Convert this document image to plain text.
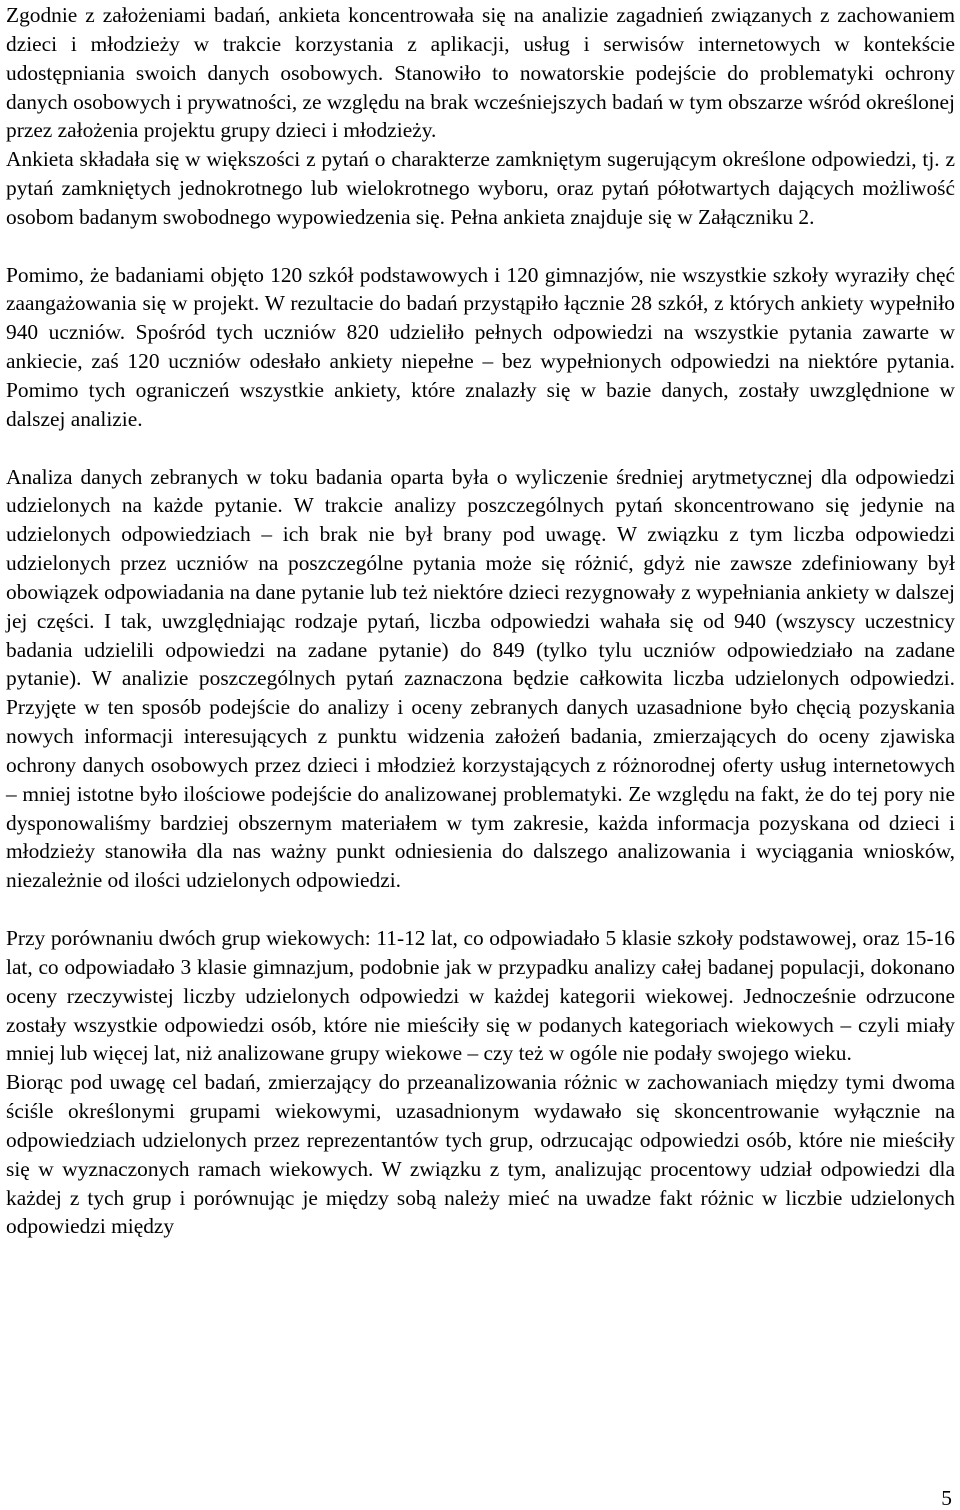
Zgodnie z założeniami badań, ankieta koncentrowała się na analizie zagadnień związanych z zachowaniem dzieci i młodzieży w trakcie korzystania z aplikacji, usług i serwisów internetowych w kontekście udostępniania swoich danych osobowych. Stanowiło to nowatorskie podejście do problematyki ochrony danych osobowych i prywatności, ze względu na brak wcześniejszych badań w tym obszarze wśród określonej przez założenia projektu grupy dzieci i młodzieży.

Ankieta składała się w większości z pytań o charakterze zamkniętym sugerującym określone odpowiedzi, tj. z pytań zamkniętych jednokrotnego lub wielokrotnego wyboru, oraz pytań półotwartych dających możliwość osobom badanym swobodnego wypowiedzenia się. Pełna ankieta znajduje się w Załączniku 2.

Pomimo, że badaniami objęto 120 szkół podstawowych i 120 gimnazjów, nie wszystkie szkoły wyraziły chęć zaangażowania się w projekt. W rezultacie do badań przystąpiło łącznie 28 szkół, z których ankiety wypełniło 940 uczniów. Spośród tych uczniów 820 udzieliło pełnych odpowiedzi na wszystkie pytania zawarte w ankiecie, zaś 120 uczniów odesłało ankiety niepełne – bez wypełnionych odpowiedzi na niektóre pytania. Pomimo tych ograniczeń wszystkie ankiety, które znalazły się w bazie danych, zostały uwzględnione w dalszej analizie.

Analiza danych zebranych w toku badania oparta była o wyliczenie średniej arytmetycznej dla odpowiedzi udzielonych na każde pytanie. W trakcie analizy poszczególnych pytań skoncentrowano się jedynie na udzielonych odpowiedziach – ich brak nie był brany pod uwagę. W związku z tym liczba odpowiedzi udzielonych przez uczniów na poszczególne pytania może się różnić, gdyż nie zawsze zdefiniowany był obowiązek odpowiadania na dane pytanie lub też niektóre dzieci rezygnowały z wypełniania ankiety w dalszej jej części. I tak, uwzględniając rodzaje pytań, liczba odpowiedzi wahała się od 940 (wszyscy uczestnicy badania udzielili odpowiedzi na zadane pytanie) do 849 (tylko tylu uczniów odpowiedziało na zadane pytanie). W analizie poszczególnych pytań zaznaczona będzie całkowita liczba udzielonych odpowiedzi. Przyjęte w ten sposób podejście do analizy i oceny zebranych danych uzasadnione było chęcią pozyskania nowych informacji interesujących z punktu widzenia założeń badania, zmierzających do oceny zjawiska ochrony danych osobowych przez dzieci i młodzież korzystających z różnorodnej oferty usług internetowych – mniej istotne było ilościowe podejście do analizowanej problematyki. Ze względu na fakt, że do tej pory nie dysponowaliśmy bardziej obszernym materiałem w tym zakresie, każda informacja pozyskana od dzieci i młodzieży stanowiła dla nas ważny punkt odniesienia do dalszego analizowania i wyciągania wniosków, niezależnie od ilości udzielonych odpowiedzi.

Przy porównaniu dwóch grup wiekowych: 11-12 lat, co odpowiadało 5 klasie szkoły podstawowej, oraz 15-16 lat, co odpowiadało 3 klasie gimnazjum, podobnie jak w przypadku analizy całej badanej populacji, dokonano oceny rzeczywistej liczby udzielonych odpowiedzi w każdej kategorii wiekowej. Jednocześnie odrzucone zostały wszystkie odpowiedzi osób, które nie mieściły się w podanych kategoriach wiekowych – czyli miały mniej lub więcej lat, niż analizowane grupy wiekowe – czy też w ogóle nie podały swojego wieku.

Biorąc pod uwagę cel badań, zmierzający do przeanalizowania różnic w zachowaniach między tymi dwoma ściśle określonymi grupami wiekowymi, uzasadnionym wydawało się skoncentrowanie wyłącznie na odpowiedziach udzielonych przez reprezentantów tych grup, odrzucając odpowiedzi osób, które nie mieściły się w wyznaczonych ramach wiekowych. W związku z tym, analizując procentowy udział odpowiedzi dla każdej z tych grup i porównując je między sobą należy mieć na uwadze fakt różnic w liczbie udzielonych odpowiedzi między

5
